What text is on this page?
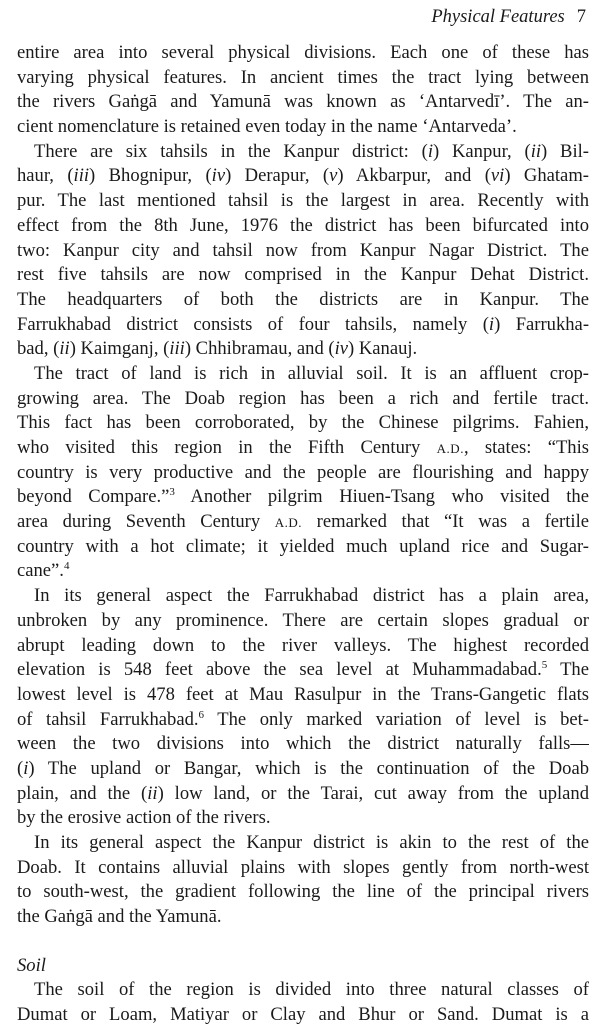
Physical Features 7
entire area into several physical divisions. Each one of these has
varying physical features. In ancient times the tract lying between
the rivers Gaṅgā and Yamunā was known as ‘Antarvedī’. The an-
cient nomenclature is retained even today in the name ‘Antarveda’.
There are six tahsils in the Kanpur district: (i) Kanpur, (ii) Bil-
haur, (iii) Bhognipur, (iv) Derapur, (v) Akbarpur, and (vi) Ghatam-
pur. The last mentioned tahsil is the largest in area. Recently with
effect from the 8th June, 1976 the district has been bifurcated into
two: Kanpur city and tahsil now from Kanpur Nagar District. The
rest five tahsils are now comprised in the Kanpur Dehat District.
The headquarters of both the districts are in Kanpur. The
Farrukhabad district consists of four tahsils, namely (i) Farrukha-
bad, (ii) Kaimganj, (iii) Chhibramau, and (iv) Kanauj.
The tract of land is rich in alluvial soil. It is an affluent crop-
growing area. The Doab region has been a rich and fertile tract.
This fact has been corroborated, by the Chinese pilgrims. Fahien,
who visited this region in the Fifth Century A.D., states: “This
country is very productive and the people are flourishing and happy
beyond Compare.”$^3$ Another pilgrim Hiuen-Tsang who visited the
area during Seventh Century A.D. remarked that “It was a fertile
country with a hot climate; it yielded much upland rice and Sugar-
cane”.$^4$
In its general aspect the Farrukhabad district has a plain area,
unbroken by any prominence. There are certain slopes gradual or
abrupt leading down to the river valleys. The highest recorded
elevation is 548 feet above the sea level at Muhammadabad.$^5$ The
lowest level is 478 feet at Mau Rasulpur in the Trans-Gangetic flats
of tahsil Farrukhabad.$^6$ The only marked variation of level is bet-
ween the two divisions into which the district naturally falls—
(i) The upland or Bangar, which is the continuation of the Doab
plain, and the (ii) low land, or the Tarai, cut away from the upland
by the erosive action of the rivers.
In its general aspect the Kanpur district is akin to the rest of the
Doab. It contains alluvial plains with slopes gently from north-west
to south-west, the gradient following the line of the principal rivers
the Gaṅgā and the Yamunā.
Soil
The soil of the region is divided into three natural classes of
Dumat or Loam, Matiyar or Clay and Bhur or Sand. Dumat is a
